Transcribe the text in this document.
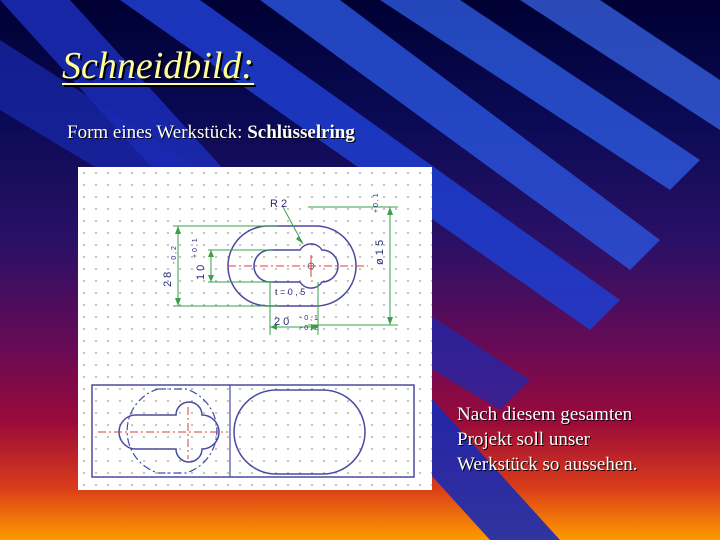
Schneidbild:
Form eines Werkstück: Schlüsselring
R 2
ø 1 5
+ 0 , 1
2 8
- 0 , 2
1 0
+ 0 , 1
t = 0 , 5
2 0 - 0 , 1
- 0 , 2
Nach diesem gesamten
Projekt soll unser
Werkstück so aussehen.
